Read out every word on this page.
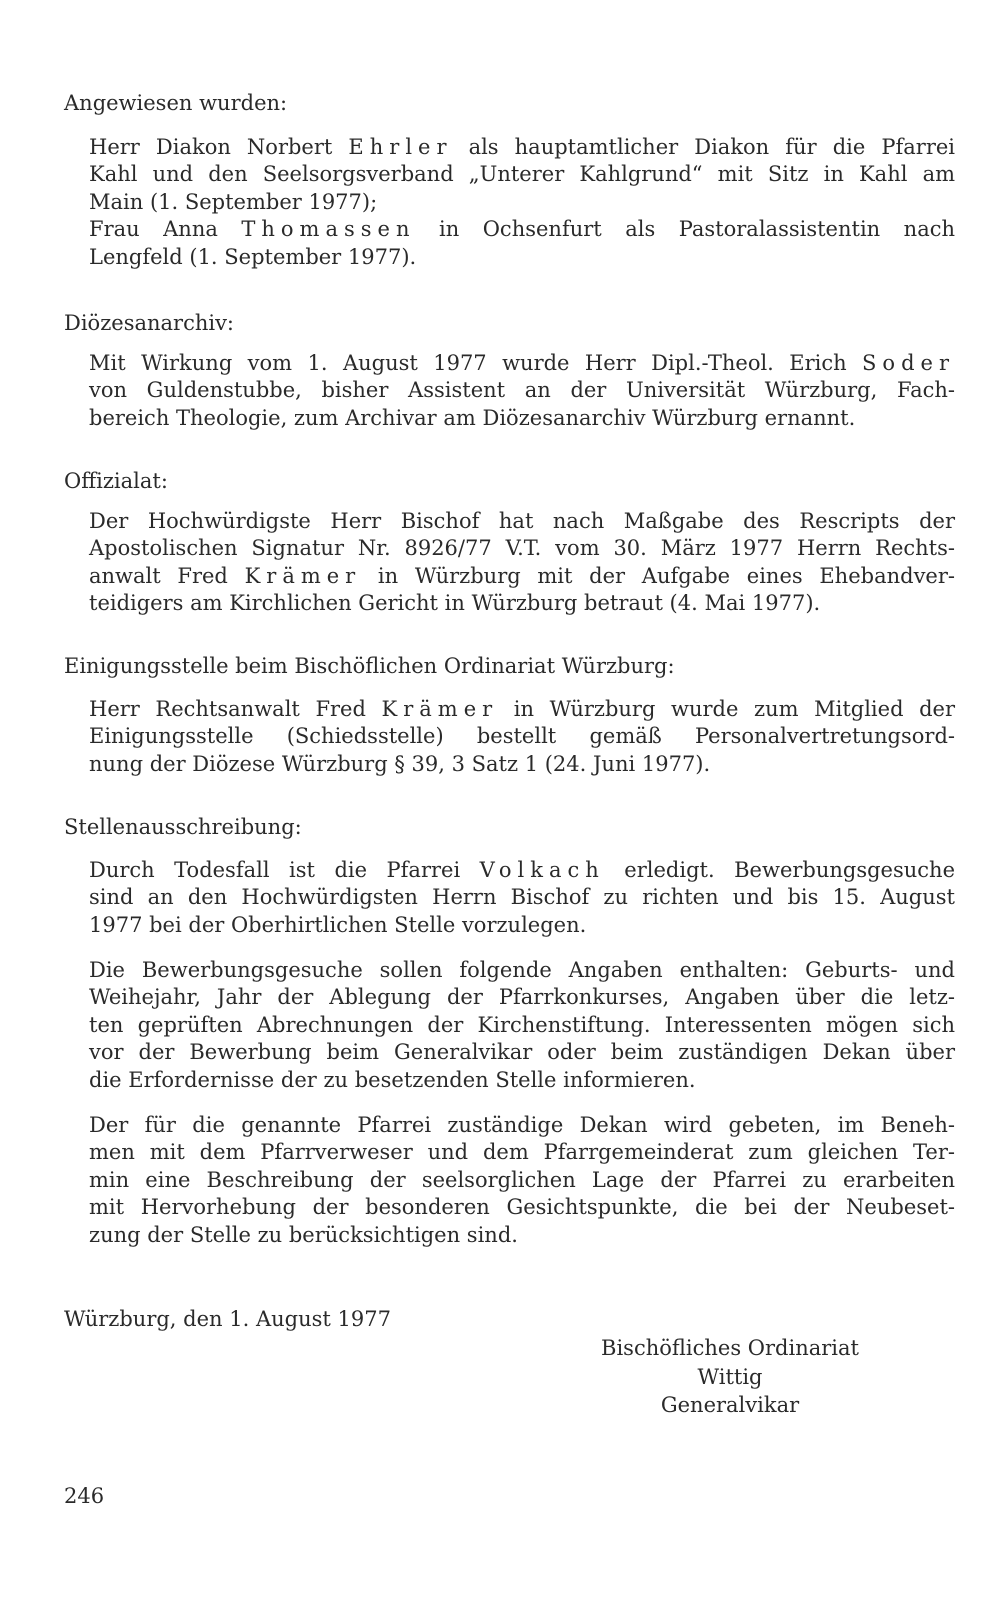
Angewiesen wurden:
Herr Diakon Norbert Ehrler als hauptamtlicher Diakon für die Pfarrei
Kahl und den Seelsorgsverband „Unterer Kahlgrund“ mit Sitz in Kahl am
Main (1. September 1977);
Frau Anna Thomassen in Ochsenfurt als Pastoralassistentin nach
Lengfeld (1. September 1977).
Diözesanarchiv:
Mit Wirkung vom 1. August 1977 wurde Herr Dipl.-Theol. Erich Soder
von Guldenstubbe, bisher Assistent an der Universität Würzburg, Fach-
bereich Theologie, zum Archivar am Diözesanarchiv Würzburg ernannt.
Offizialat:
Der Hochwürdigste Herr Bischof hat nach Maßgabe des Rescripts der
Apostolischen Signatur Nr. 8926/77 V.T. vom 30. März 1977 Herrn Rechts-
anwalt Fred Krämer in Würzburg mit der Aufgabe eines Ehebandver-
teidigers am Kirchlichen Gericht in Würzburg betraut (4. Mai 1977).
Einigungsstelle beim Bischöflichen Ordinariat Würzburg:
Herr Rechtsanwalt Fred Krämer in Würzburg wurde zum Mitglied der
Einigungsstelle (Schiedsstelle) bestellt gemäß Personalvertretungsord-
nung der Diözese Würzburg § 39, 3 Satz 1 (24. Juni 1977).
Stellenausschreibung:
Durch Todesfall ist die Pfarrei Volkach erledigt. Bewerbungsgesuche
sind an den Hochwürdigsten Herrn Bischof zu richten und bis 15. August
1977 bei der Oberhirtlichen Stelle vorzulegen.
Die Bewerbungsgesuche sollen folgende Angaben enthalten: Geburts- und
Weihejahr, Jahr der Ablegung der Pfarrkonkurses, Angaben über die letz-
ten geprüften Abrechnungen der Kirchenstiftung. Interessenten mögen sich
vor der Bewerbung beim Generalvikar oder beim zuständigen Dekan über
die Erfordernisse der zu besetzenden Stelle informieren.
Der für die genannte Pfarrei zuständige Dekan wird gebeten, im Beneh-
men mit dem Pfarrverweser und dem Pfarrgemeinderat zum gleichen Ter-
min eine Beschreibung der seelsorglichen Lage der Pfarrei zu erarbeiten
mit Hervorhebung der besonderen Gesichtspunkte, die bei der Neubeset-
zung der Stelle zu berücksichtigen sind.
Würzburg, den 1. August 1977
Bischöfliches Ordinariat
Wittig
Generalvikar
246
